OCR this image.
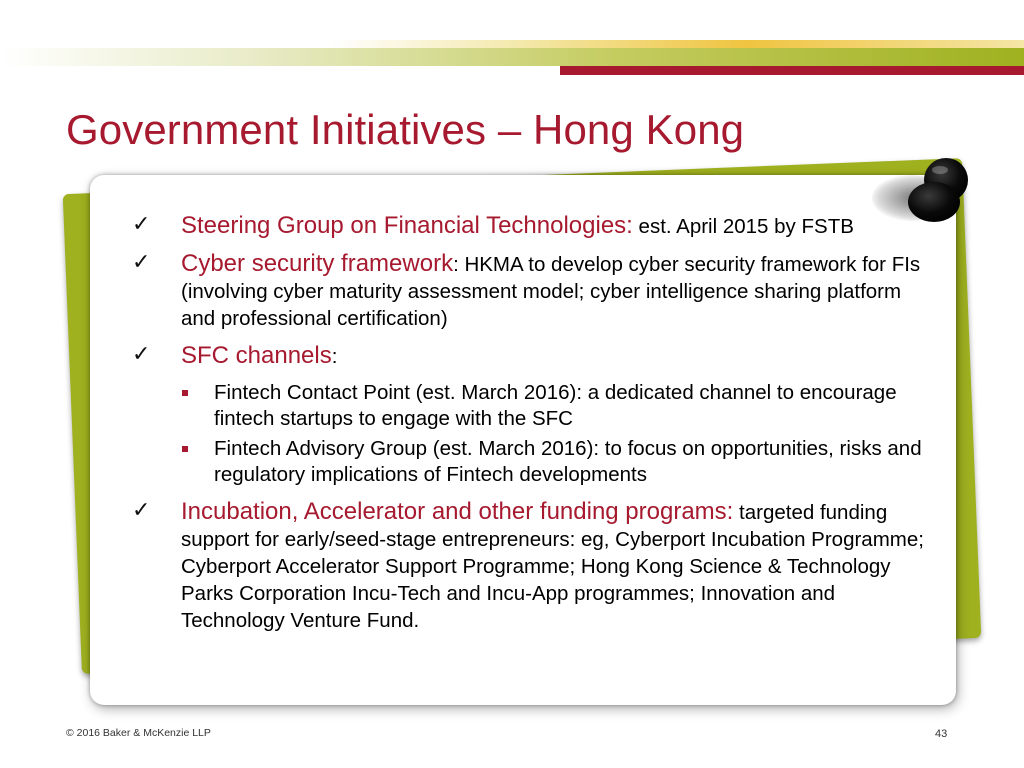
Government Initiatives – Hong Kong
✓ Steering Group on Financial Technologies: est. April 2015 by FSTB
✓ Cyber security framework: HKMA to develop cyber security framework for FIs (involving cyber maturity assessment model; cyber intelligence sharing platform and professional certification)
✓ SFC channels:
Fintech Contact Point (est. March 2016): a dedicated channel to encourage fintech startups to engage with the SFC
Fintech Advisory Group (est. March 2016): to focus on opportunities, risks and regulatory implications of Fintech developments
✓ Incubation, Accelerator and other funding programs: targeted funding support for early/seed-stage entrepreneurs: eg, Cyberport Incubation Programme; Cyberport Accelerator Support Programme; Hong Kong Science & Technology Parks Corporation Incu-Tech and Incu-App programmes; Innovation and Technology Venture Fund.
© 2016 Baker & McKenzie LLP	43
